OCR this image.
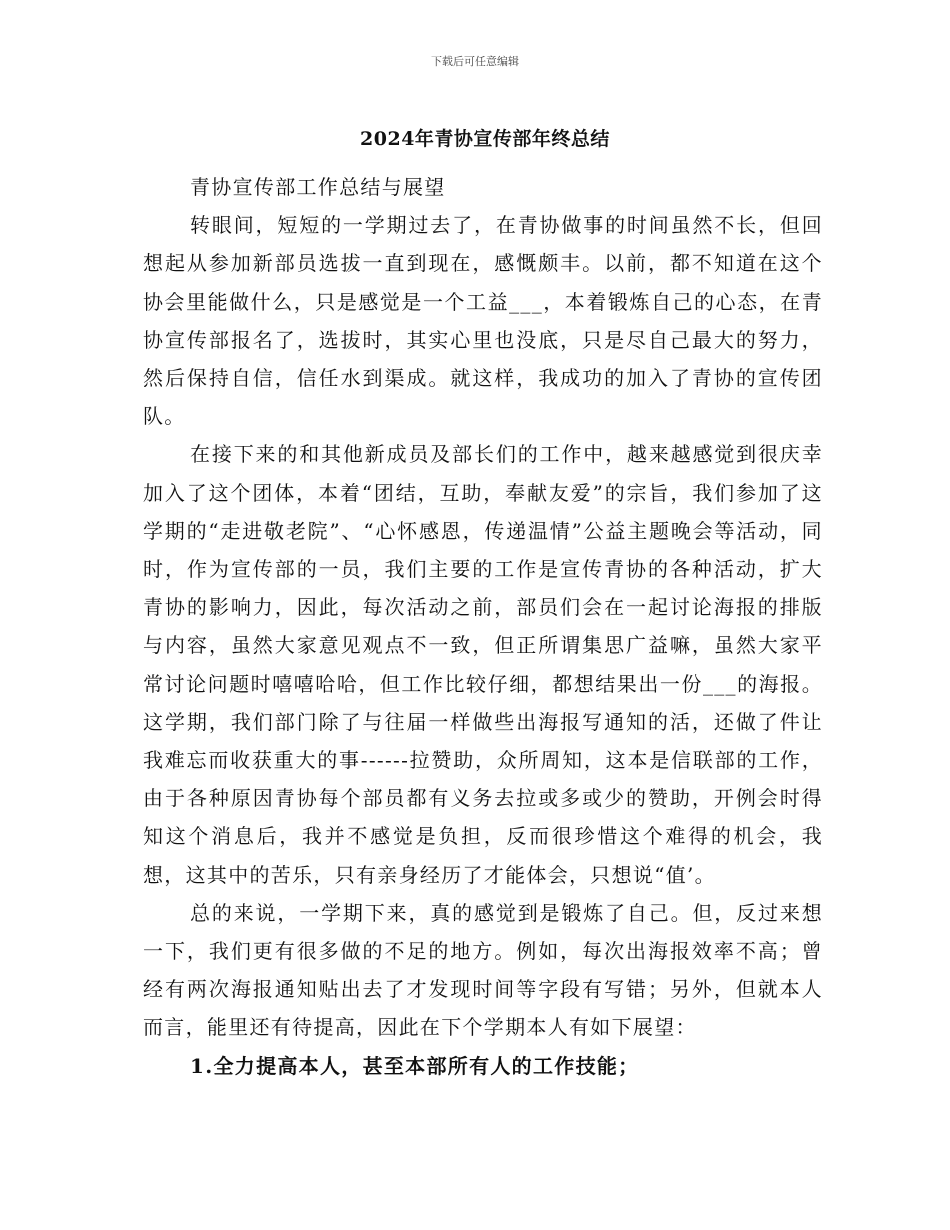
下载后可任意编辑
2024年青协宣传部年终总结

青协宣传部工作总结与展望

转眼间，短短的一学期过去了，在青协做事的时间虽然不长，但回想起从参加新部员选拔一直到现在，感慨颇丰。以前，都不知道在这个协会里能做什么，只是感觉是一个工益___，本着锻炼自己的心态，在青协宣传部报名了，选拔时，其实心里也没底，只是尽自己最大的努力，然后保持自信，信任水到渠成。就这样，我成功的加入了青协的宣传团队。

在接下来的和其他新成员及部长们的工作中，越来越感觉到很庆幸加入了这个团体，本着“团结，互助，奉献友爱”的宗旨，我们参加了这学期的“走进敬老院”、“心怀感恩，传递温情”公益主题晚会等活动，同时，作为宣传部的一员，我们主要的工作是宣传青协的各种活动，扩大青协的影响力，因此，每次活动之前，部员们会在一起讨论海报的排版与内容，虽然大家意见观点不一致，但正所谓集思广益嘛，虽然大家平常讨论问题时嘻嘻哈哈，但工作比较仔细，都想结果出一份___的海报。这学期，我们部门除了与往届一样做些出海报写通知的活，还做了件让我难忘而收获重大的事------拉赞助，众所周知，这本是信联部的工作，由于各种原因青协每个部员都有义务去拉或多或少的赞助，开例会时得知这个消息后，我并不感觉是负担，反而很珍惜这个难得的机会，我想，这其中的苦乐，只有亲身经历了才能体会，只想说“值’。

总的来说，一学期下来，真的感觉到是锻炼了自己。但，反过来想一下，我们更有很多做的不足的地方。例如，每次出海报效率不高；曾经有两次海报通知贴出去了才发现时间等字段有写错；另外，但就本人而言，能里还有待提高，因此在下个学期本人有如下展望：

1.全力提高本人，甚至本部所有人的工作技能；
